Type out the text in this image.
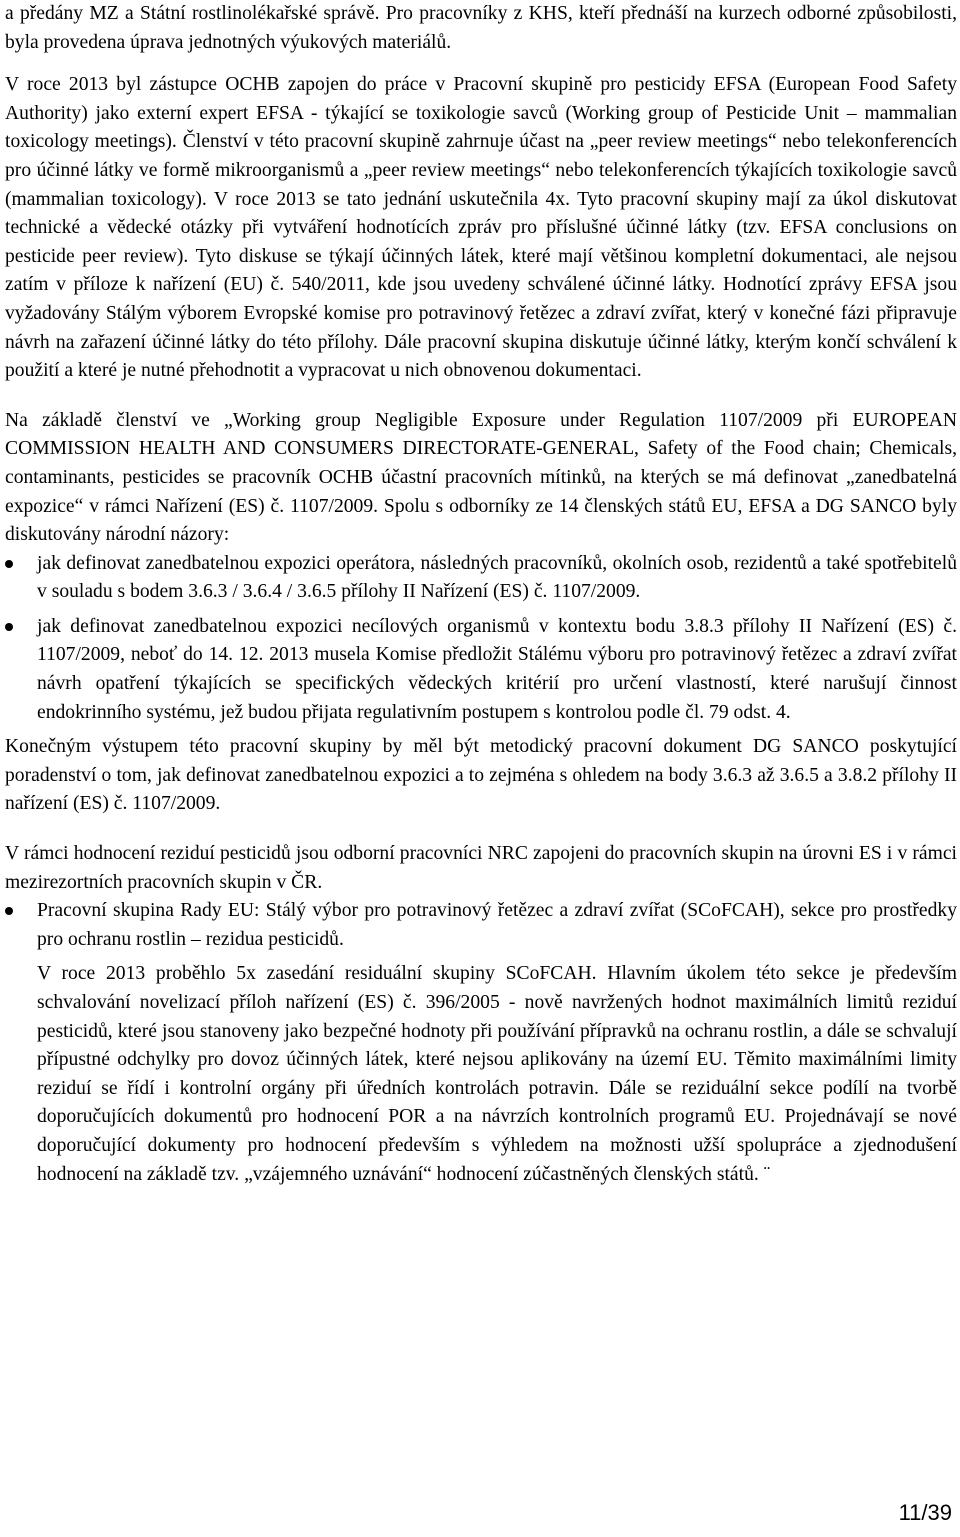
a předány MZ a Státní rostlinolékařské správě. Pro pracovníky z KHS, kteří přednáší na kurzech odborné způsobilosti, byla provedena úprava jednotných výukových materiálů.

V roce 2013 byl zástupce OCHB zapojen do práce v Pracovní skupině pro pesticidy EFSA (European Food Safety Authority) jako externí expert EFSA - týkající se toxikologie savců (Working group of Pesticide Unit – mammalian toxicology meetings). Členství v této pracovní skupině zahrnuje účast na „peer review meetings“ nebo telekonferencích pro účinné látky ve formě mikroorganismů a „peer review meetings“ nebo telekonferencích týkajících toxikologie savců (mammalian toxicology). V roce 2013 se tato jednání uskutečnila 4x. Tyto pracovní skupiny mají za úkol diskutovat technické a vědecké otázky při vytváření hodnotících zpráv pro příslušné účinné látky (tzv. EFSA conclusions on pesticide peer review). Tyto diskuse se týkají účinných látek, které mají většinou kompletní dokumentaci, ale nejsou zatím v příloze k nařízení (EU) č. 540/2011, kde jsou uvedeny schválené účinné látky. Hodnotící zprávy EFSA jsou vyžadovány Stálým výborem Evropské komise pro potravinový řetězec a zdraví zvířat, který v konečné fázi připravuje návrh na zařazení účinné látky do této přílohy. Dále pracovní skupina diskutuje účinné látky, kterým končí schválení k použití a které je nutné přehodnotit a vypracovat u nich obnovenou dokumentaci.

Na základě členství ve „Working group Negligible Exposure under Regulation 1107/2009 při EUROPEAN COMMISSION HEALTH AND CONSUMERS DIRECTORATE-GENERAL, Safety of the Food chain; Chemicals, contaminants, pesticides se pracovník OCHB účastní pracovních mítinků, na kterých se má definovat „zanedbatelná expozice“ v rámci Nařízení (ES) č. 1107/2009. Spolu s odborníky ze 14 členských států EU, EFSA a DG SANCO byly diskutovány národní názory:

jak definovat zanedbatelnou expozici operátora, následných pracovníků, okolních osob, rezidentů a také spotřebitelů v souladu s bodem 3.6.3 / 3.6.4 / 3.6.5 přílohy II Nařízení (ES) č. 1107/2009.

jak definovat zanedbatelnou expozici necílových organismů v kontextu bodu 3.8.3 přílohy II Nařízení (ES) č. 1107/2009, neboť do 14. 12. 2013 musela Komise předložit Stálému výboru pro potravinový řetězec a zdraví zvířat návrh opatření týkajících se specifických vědeckých kritérií pro určení vlastností, které narušují činnost endokrinního systému, jež budou přijata regulativním postupem s kontrolou podle čl. 79 odst. 4.

Konečným výstupem této pracovní skupiny by měl být metodický pracovní dokument DG SANCO poskytující poradenství o tom, jak definovat zanedbatelnou expozici a to zejména s ohledem na body 3.6.3 až 3.6.5 a 3.8.2 přílohy II nařízení (ES) č. 1107/2009.

V rámci hodnocení reziduí pesticidů jsou odborní pracovníci NRC zapojeni do pracovních skupin na úrovni ES i v rámci mezirezortních pracovních skupin v ČR.

Pracovní skupina Rady EU: Stálý výbor pro potravinový řetězec a zdraví zvířat (SCoFCAH), sekce pro prostředky pro ochranu rostlin – rezidua pesticidů.

V roce 2013 proběhlo 5x zasedání residuální skupiny SCoFCAH. Hlavním úkolem této sekce je především schvalování novelizací příloh nařízení (ES) č. 396/2005 - nově navržených hodnot maximálních limitů reziduí pesticidů, které jsou stanoveny jako bezpečné hodnoty při používání přípravků na ochranu rostlin, a dále se schvalují přípustné odchylky pro dovoz účinných látek, které nejsou aplikovány na území EU. Těmito maximálními limity reziduí se řídí i kontrolní orgány při úředních kontrolách potravin. Dále se reziduální sekce podílí na tvorbě doporučujících dokumentů pro hodnocení POR a na návrzích kontrolních programů EU. Projednávají se nové doporučující dokumenty pro hodnocení především s výhledem na možnosti užší spolupráce a zjednodušení hodnocení na základě tzv. „vzájemného uznávání“ hodnocení zúčastněných členských států. ¨

11/39
